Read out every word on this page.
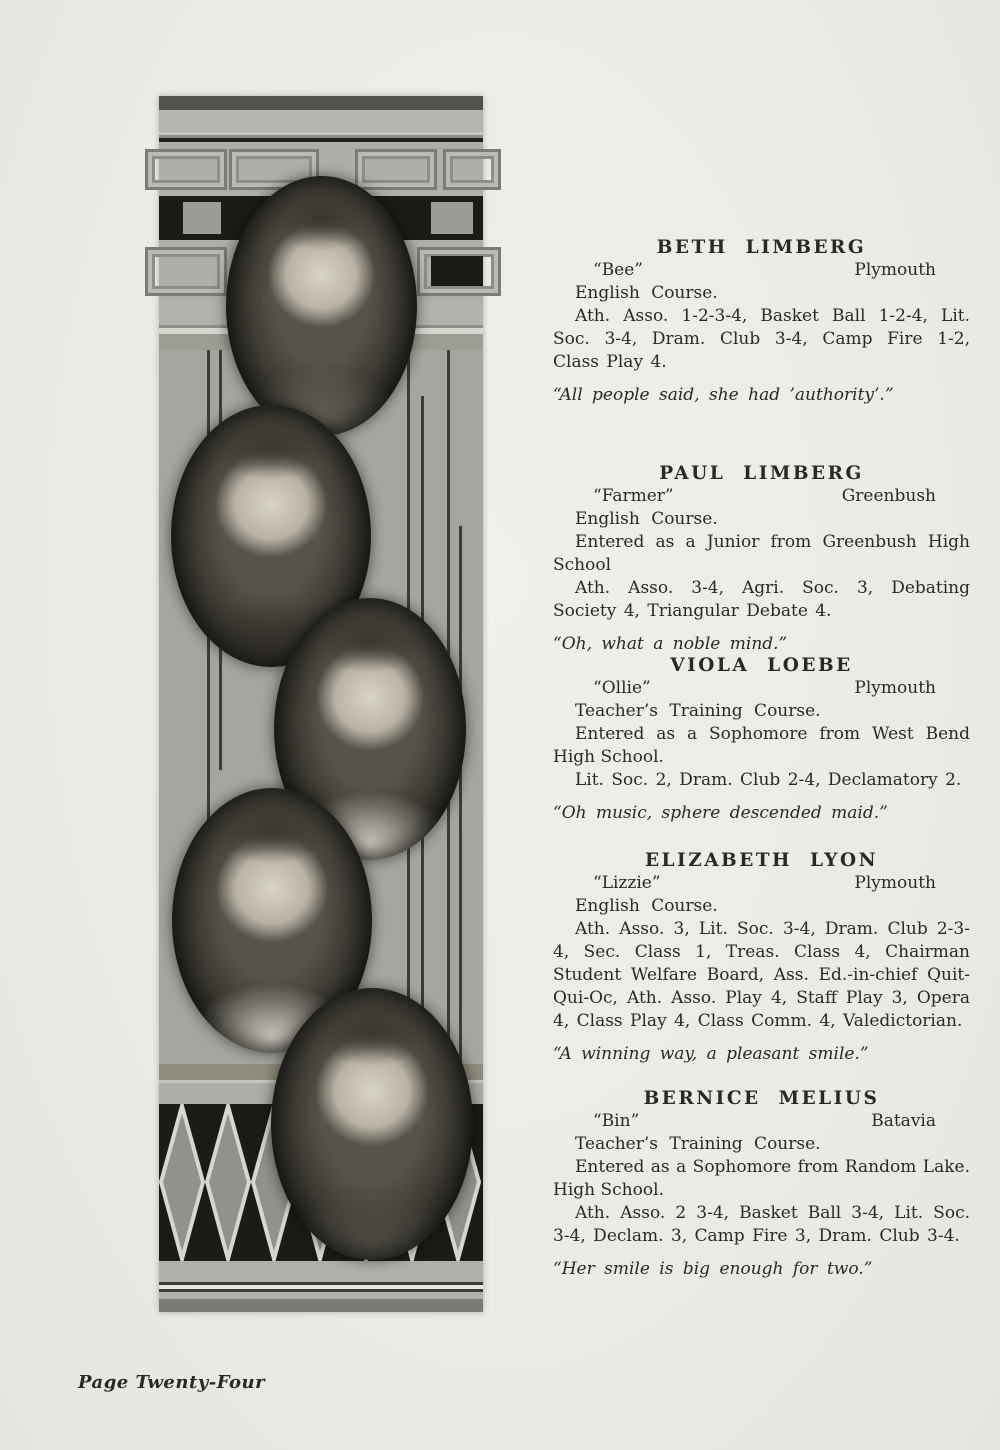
BETH LIMBERG
“Bee”	Plymouth

English Course.

Ath. Asso. 1-2-3-4, Basket Ball 1-2-4, Lit. Soc. 3-4, Dram. Club 3-4, Camp Fire 1-2, Class Play 4.

“All people said, she had ’authority’.”

PAUL LIMBERG
“Farmer”	Greenbush

English Course.

Entered as a Junior from Greenbush High School

Ath. Asso. 3-4, Agri. Soc. 3, Debating Society 4, Triangular Debate 4.

“Oh, what a noble mind.”

VIOLA LOEBE
“Ollie”	Plymouth

Teacher’s Training Course.

Entered as a Sophomore from West Bend High School.

Lit. Soc. 2, Dram. Club 2-4, Declamatory 2.

“Oh music, sphere descended maid.”

ELIZABETH LYON
“Lizzie”	Plymouth

English Course.

Ath. Asso. 3, Lit. Soc. 3-4, Dram. Club 2-3-4, Sec. Class 1, Treas. Class 4, Chairman Student Welfare Board, Ass. Ed.-in-chief Quit-Qui-Oc, Ath. Asso. Play 4, Staff Play 3, Opera 4, Class Play 4, Class Comm. 4, Valedictorian.

“A winning way, a pleasant smile.”

BERNICE MELIUS
“Bin”	Batavia

Teacher’s Training Course.

Entered as a Sophomore from Random Lake. High School.

Ath. Asso. 2 3-4, Basket Ball 3-4, Lit. Soc. 3-4, Declam. 3, Camp Fire 3, Dram. Club 3-4.

“Her smile is big enough for two.”

Page Twenty-Four
